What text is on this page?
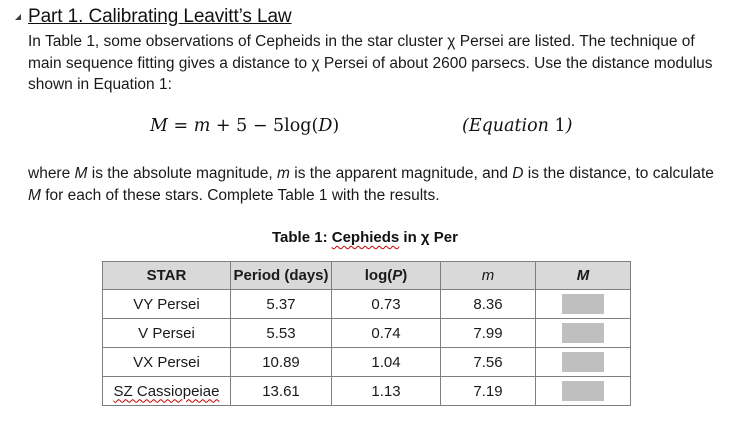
Part 1. Calibrating Leavitt’s Law
In Table 1, some observations of Cepheids in the star cluster χ Persei are listed. The technique of main sequence fitting gives a distance to χ Persei of about 2600 parsecs. Use the distance modulus shown in Equation 1:
M = m + 5 − 5log(D)	(Equation 1)
where M is the absolute magnitude, m is the apparent magnitude, and D is the distance, to calculate M for each of these stars. Complete Table 1 with the results.
Table 1: Cephieds in χ Per
STAR	Period (days)	log(P)	m	M
VY Persei	5.37	0.73	8.36	
V Persei	5.53	0.74	7.99	
VX Persei	10.89	1.04	7.56	
SZ Cassiopeiae	13.61	1.13	7.19	
